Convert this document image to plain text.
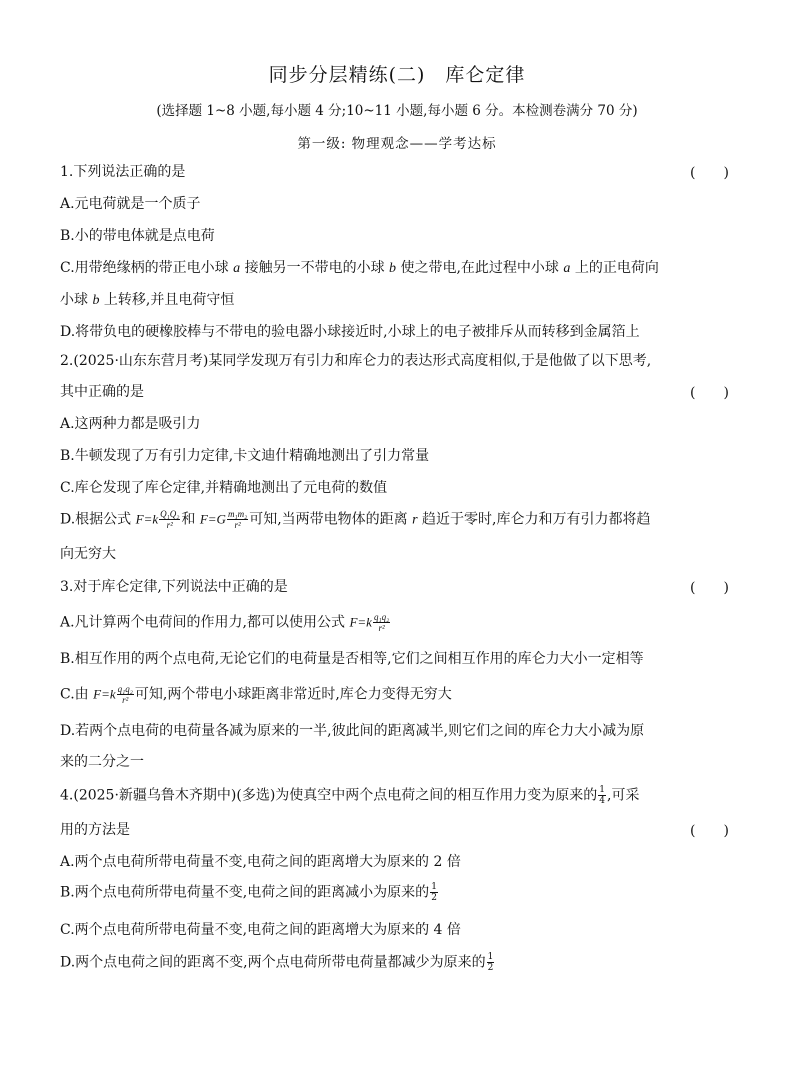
同步分层精练(二)　库仑定律
(选择题 1~8 小题,每小题 4 分;10~11 小题,每小题 6 分。本检测卷满分 70 分)
第一级: 物理观念——学考达标
1.下列说法正确的是	(　　)
A.元电荷就是一个质子
B.小的带电体就是点电荷
C.用带绝缘柄的带正电小球 a 接触另一不带电的小球 b 使之带电,在此过程中小球 a 上的正电荷向
小球 b 上转移,并且电荷守恒
D.将带负电的硬橡胶棒与不带电的验电器小球接近时,小球上的电子被排斥从而转移到金属箔上
2.(2025·山东东营月考)某同学发现万有引力和库仑力的表达形式高度相似,于是他做了以下思考,
其中正确的是	(　　)
A.这两种力都是吸引力
B.牛顿发现了万有引力定律,卡文迪什精确地测出了引力常量
C.库仑发现了库仑定律,并精确地测出了元电荷的数值
D.根据公式 $F=k \frac{\text{Q₁Q₂}}{\text{r²}}$ 和 $F=G \frac{\text{m₁m₂}}{\text{r²}}$ 可知,当两带电物体的距离 r 趋近于零时,库仑力和万有引力都将趋
向无穷大
3.对于库仑定律,下列说法中正确的是	(　　)
A.凡计算两个电荷间的作用力,都可以使用公式 $F=k \frac{\text{q₁q₂}}{\text{r²}}$
B.相互作用的两个点电荷,无论它们的电荷量是否相等,它们之间相互作用的库仑力大小一定相等
C.由 $F=k \frac{\text{q₁q₂}}{\text{r²}}$ 可知,两个带电小球距离非常近时,库仑力变得无穷大
D.若两个点电荷的电荷量各减为原来的一半,彼此间的距离减半,则它们之间的库仑力大小减为原
来的二分之一
4.(2025·新疆乌鲁木齐期中)(多选)为使真空中两个点电荷之间的相互作用力变为原来的 $\frac{1}{4}$ ,可采
用的方法是	(　　)
A.两个点电荷所带电荷量不变,电荷之间的距离增大为原来的 2 倍
B.两个点电荷所带电荷量不变,电荷之间的距离减小为原来的 $\frac{1}{2}$
C.两个点电荷所带电荷量不变,电荷之间的距离增大为原来的 4 倍
D.两个点电荷之间的距离不变,两个点电荷所带电荷量都减少为原来的 $\frac{1}{2}$
